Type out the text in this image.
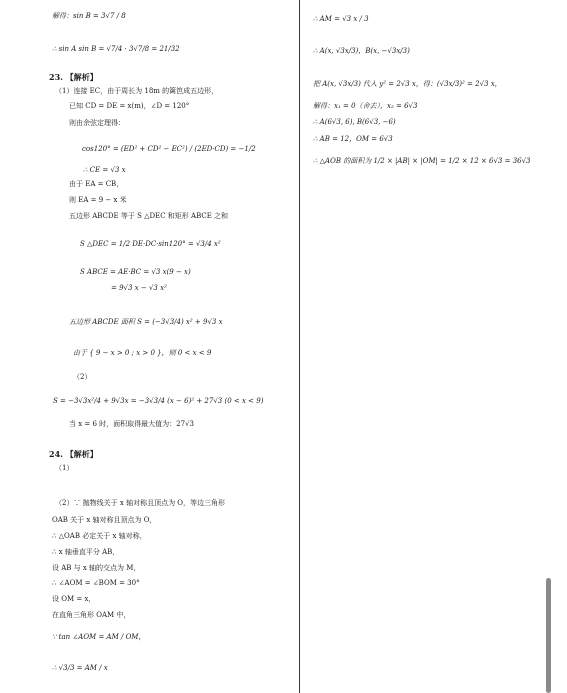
解得：sin B = 3√7 / 8
∴ sin A sin B = √7/4 · 3√7/8 = 21/32
23. 【解析】
（1）连接 EC，由于周长为 18m 的篱笆成五边形，
已知 CD = DE = x(m)，∠D = 120°
则由余弦定理得：
cos120° = (ED² + CD² − EC²) / (2ED·CD) = −1/2
∴ CE = √3 x
由于 EA = CB，
则 EA = 9 − x 米
五边形 ABCDE 等于 S △DEC 和矩形 ABCE 之和
S △DEC = 1/2 DE·DC·sin120° = √3/4 x²
S ABCE = AE·BC = √3 x(9 − x)
= 9√3 x − √3 x²
五边形 ABCDE 面积 S = (−3√3/4) x² + 9√3 x
由于 { 9 − x > 0 ; x > 0 }，则 0 < x < 9
（2）
S = −3√3x²/4 + 9√3x = −3√3/4 (x − 6)² + 27√3 (0 < x < 9)
当 x = 6 时，面积取得最大值为：27√3
24. 【解析】
（1）
（2）∵ 抛物线关于 x 轴对称且顶点为 O，等边三角形
OAB 关于 x 轴对称且顶点为 O，
∴ △OAB 必定关于 x 轴对称，
∴ x 轴垂直平分 AB，
设 AB 与 x 轴的交点为 M，
∴ ∠AOM = ∠BOM = 30°
设 OM = x，
在直角三角形 OAM 中，
∵ tan ∠AOM = AM / OM，
∴ √3/3 = AM / x
∴ AM = √3 x / 3
∴ A(x, √3x/3)，B(x, −√3x/3)
把 A(x, √3x/3) 代入 y² = 2√3 x，得：(√3x/3)² = 2√3 x，
解得：x₁ = 0（舍去），x₂ = 6√3
∴ A(6√3, 6), B(6√3, −6)
∴ AB = 12，OM = 6√3
∴ △AOB 的面积为 1/2 × |AB| × |OM| = 1/2 × 12 × 6√3 = 36√3
